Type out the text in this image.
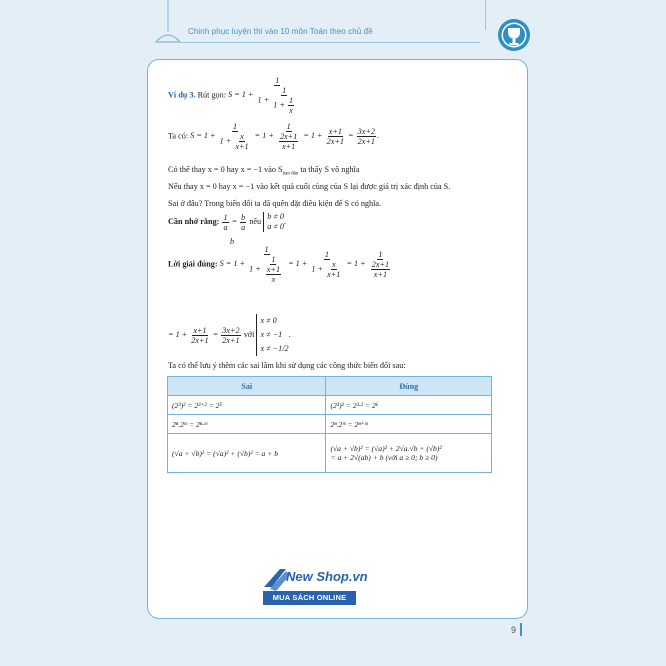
Chinh phục luyện thi vào 10 môn Toán theo chủ đề
Ví dụ 3. Rút gọn: $S = 1 + \frac{1}{1 + \frac{1}{1 + \frac{1}{x}}}$
Ta có: $S = 1 + \frac{1}{1 + \frac{x}{x+1}} = 1 + \frac{1}{\frac{2x+1}{x+1}} = 1 + \frac{x+1}{2x+1} = \frac{3x+2}{2x+1}$ .
Có thể thay x = 0 hay x = −1 vào $S_{ban đầu}$ ta thấy S vô nghĩa
Nếu thay x = 0 hay x = −1 vào kết quả cuối cùng của S lại được giá trị xác định của S.
Sai ở đâu? Trong biến đổi ta đã quên đặt điều kiện để S có nghĩa.
Cần nhớ rằng: $\frac{1}{a} = \frac{b}{a}$ nếu
b ≠ 0
a ≠ 0
.
b
Lời giải đúng: $S = 1 + \frac{1}{1 + \frac{1}{\frac{x+1}{x}}} = 1 + \frac{1}{1 + \frac{x}{x+1}} = 1 + \frac{1}{\frac{2x+1}{x+1}}$
= $1 + \frac{x+1}{2x+1} = \frac{3x+2}{2x+1}$ với
x ≠ 0
x ≠ −1
x ≠ −1/2
.
Ta có thể lưu ý thêm các sai lầm khi sử dụng các công thức biến đổi sau:
Sai	Đúng
(2³)² = 2³⁺² = 2⁵	(2³)² = 2³·² = 2⁶
2ⁿ.2ᵐ = 2ⁿ·ᵐ	2ⁿ.2ᵐ = 2ⁿ⁺ᵐ
(√a + √b)² = (√a)² + (√b)² = a + b	(√a + √b)² = (√a)² + 2√a.√b + (√b)²
= a + 2√(ab) + b (với a ≥ 0; b ≥ 0)
New Shop.vn
MUA SÁCH ONLINE
9
